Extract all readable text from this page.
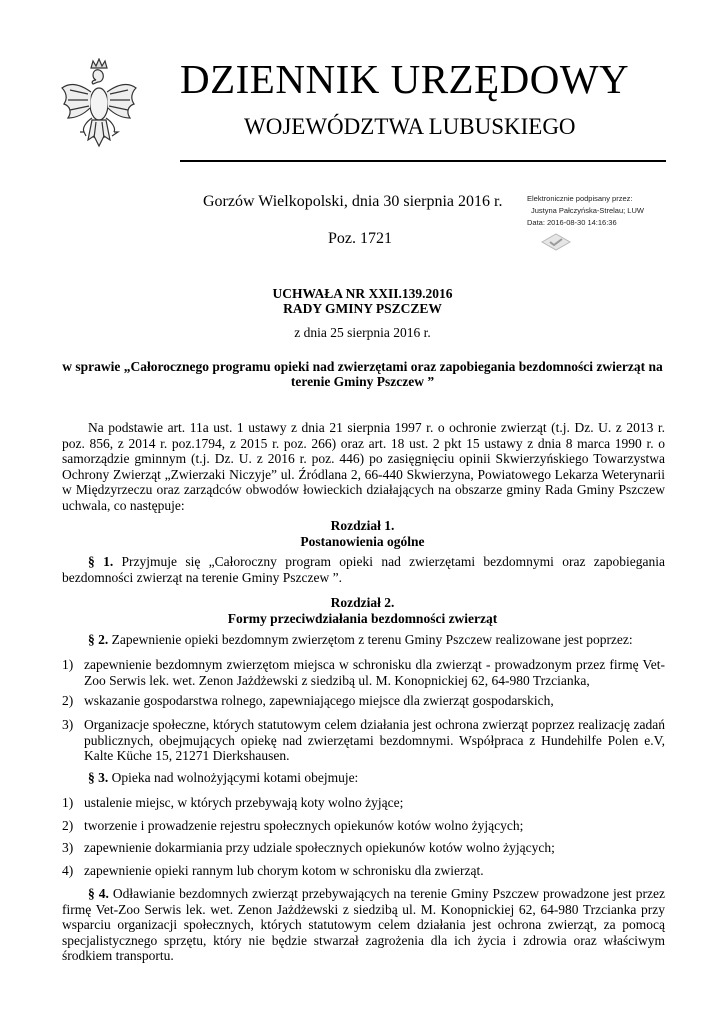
DZIENNIK URZĘDOWY
WOJEWÓDZTWA LUBUSKIEGO
Gorzów Wielkopolski, dnia 30 sierpnia 2016 r.
Poz. 1721
Elektronicznie podpisany przez:
Justyna Pałczyńska-Strelau; LUW
Data: 2016-08-30 14:16:36
UCHWAŁA NR XXII.139.2016
RADY GMINY PSZCZEW
z dnia 25 sierpnia 2016 r.
w sprawie „Całorocznego programu opieki nad zwierzętami oraz zapobiegania bezdomności zwierząt na terenie Gminy Pszczew ”
Na podstawie art. 11a ust. 1 ustawy z dnia 21 sierpnia 1997 r. o ochronie zwierząt (t.j. Dz. U. z 2013 r. poz. 856, z 2014 r. poz.1794, z 2015 r. poz. 266) oraz art. 18 ust. 2 pkt 15 ustawy z dnia 8 marca 1990 r. o samorządzie gminnym (t.j. Dz. U. z 2016 r. poz. 446) po zasięgnięciu opinii Skwierzyńskiego Towarzystwa Ochrony Zwierząt „Zwierzaki Niczyje” ul. Źródlana 2, 66-440 Skwierzyna, Powiatowego Lekarza Weterynarii w Międzyrzeczu oraz zarządców obwodów łowieckich działających na obszarze gminy Rada Gminy Pszczew uchwala, co następuje:
Rozdział 1.
Postanowienia ogólne
§ 1. Przyjmuje się „Całoroczny program opieki nad zwierzętami bezdomnymi oraz zapobiegania bezdomności zwierząt na terenie Gminy Pszczew ”.
Rozdział 2.
Formy przeciwdziałania bezdomności zwierząt
§ 2. Zapewnienie opieki bezdomnym zwierzętom z terenu Gminy Pszczew realizowane jest poprzez:
1) zapewnienie bezdomnym zwierzętom miejsca w schronisku dla zwierząt - prowadzonym przez firmę Vet-Zoo Serwis lek. wet. Zenon Jażdżewski z siedzibą ul. M. Konopnickiej 62, 64-980 Trzcianka,
2) wskazanie gospodarstwa rolnego, zapewniającego miejsce dla zwierząt gospodarskich,
3) Organizacje społeczne, których statutowym celem działania jest ochrona zwierząt poprzez realizację zadań publicznych, obejmujących opiekę nad zwierzętami bezdomnymi. Współpraca z Hundehilfe Polen e.V, Kalte Küche 15, 21271 Dierkshausen.
§ 3. Opieka nad wolnożyjącymi kotami obejmuje:
1) ustalenie miejsc, w których przebywają koty wolno żyjące;
2) tworzenie i prowadzenie rejestru społecznych opiekunów kotów wolno żyjących;
3) zapewnienie dokarmiania przy udziale społecznych opiekunów kotów wolno żyjących;
4) zapewnienie opieki rannym lub chorym kotom w schronisku dla zwierząt.
§ 4. Odławianie bezdomnych zwierząt przebywających na terenie Gminy Pszczew prowadzone jest przez firmę Vet-Zoo Serwis lek. wet. Zenon Jażdżewski z siedzibą ul. M. Konopnickiej 62, 64-980 Trzcianka przy wsparciu organizacji społecznych, których statutowym celem działania jest ochrona zwierząt, za pomocą specjalistycznego sprzętu, który nie będzie stwarzał zagrożenia dla ich życia i zdrowia oraz właściwym środkiem transportu.
